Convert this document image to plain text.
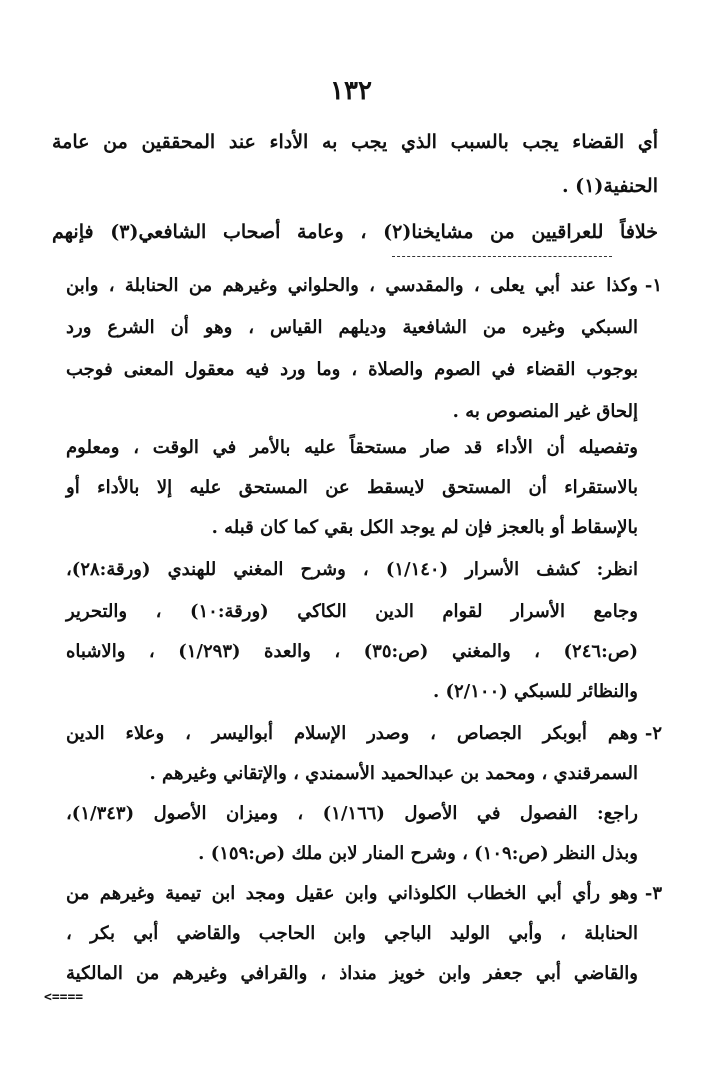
١٣٢
أي القضاء يجب بالسبب الذي يجب به الأداء عند المحققين من عامة
الحنفية(١) .
خلافاً للعراقيين من مشايخنا(٢) ، وعامة أصحاب الشافعي(٣) فإنهم
١-
وكذا عند أبي يعلى ، والمقدسي ، والحلواني وغيرهم من الحنابلة ، وابن
السبكي وغيره من الشافعية وديلهم القياس ، وهو أن الشرع ورد
بوجوب القضاء في الصوم والصلاة ، وما ورد فيه معقول المعنى فوجب
إلحاق غير المنصوص به .
وتفصيله أن الأداء قد صار مستحقاً عليه بالأمر في الوقت ، ومعلوم
بالاستقراء أن المستحق لايسقط عن المستحق عليه إلا بالأداء أو
بالإسقاط أو بالعجز فإن لم يوجد الكل بقي كما كان قبله .
انظر: كشف الأسرار (١/١٤٠) ، وشرح المغني للهندي (ورقة:٢٨)،
وجامع الأسرار لقوام الدين الكاكي (ورقة:١٠) ، والتحرير
(ص:٢٤٦) ، والمغني (ص:٣٥) ، والعدة (١/٢٩٣) ، والاشباه
والنظائر للسبكي (٢/١٠٠) .
٢-
وهم أبوبكر الجصاص ، وصدر الإسلام أبواليسر ، وعلاء الدين
السمرقندي ، ومحمد بن عبدالحميد الأسمندي ، والإتقاني وغيرهم .
راجع: الفصول في الأصول (١/١٦٦) ، وميزان الأصول (١/٣٤٣)،
وبذل النظر (ص:١٠٩) ، وشرح المنار لابن ملك (ص:١٥٩) .
٣-
وهو رأي أبي الخطاب الكلوذاني وابن عقيل ومجد ابن تيمية وغيرهم من
الحنابلة ، وأبي الوليد الباجي وابن الحاجب والقاضي أبي بكر ،
والقاضي أبي جعفر وابن خويز منداذ ، والقرافي وغيرهم من المالكية
<====
